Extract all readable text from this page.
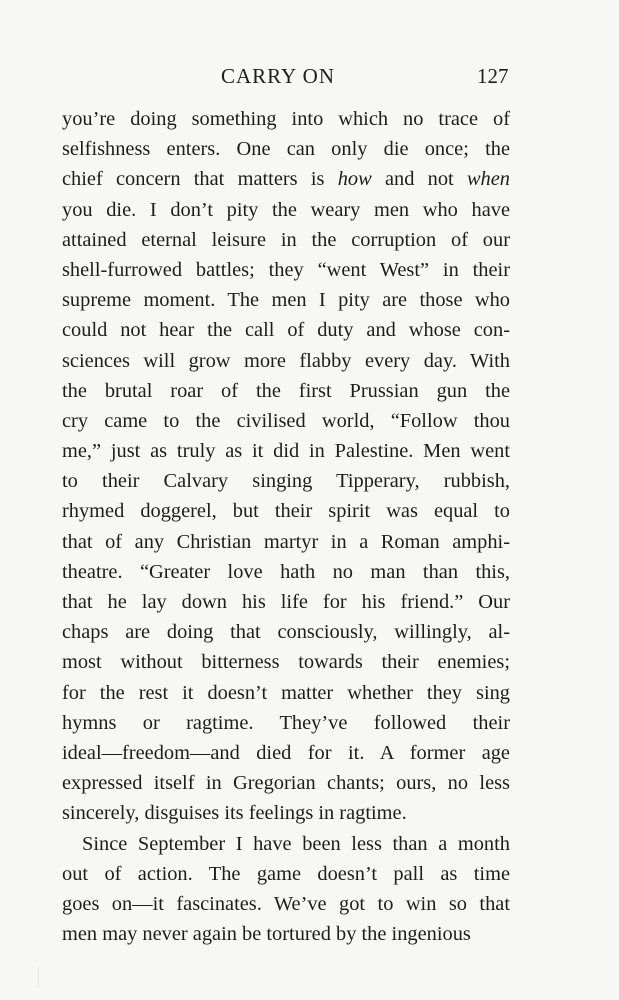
CARRY ON	127
you’re doing something into which no trace of
selfishness enters. One can only die once; the
chief concern that matters is how and not when
you die. I don’t pity the weary men who have
attained eternal leisure in the corruption of our
shell-furrowed battles; they “went West” in their
supreme moment. The men I pity are those who
could not hear the call of duty and whose con-
sciences will grow more flabby every day. With
the brutal roar of the first Prussian gun the
cry came to the civilised world, “Follow thou
me,” just as truly as it did in Palestine. Men went
to their Calvary singing Tipperary, rubbish,
rhymed doggerel, but their spirit was equal to
that of any Christian martyr in a Roman amphi-
theatre. “Greater love hath no man than this,
that he lay down his life for his friend.” Our
chaps are doing that consciously, willingly, al-
most without bitterness towards their enemies;
for the rest it doesn’t matter whether they sing
hymns or ragtime. They’ve followed their
ideal—freedom—and died for it. A former age
expressed itself in Gregorian chants; ours, no less
sincerely, disguises its feelings in ragtime.
Since September I have been less than a month
out of action. The game doesn’t pall as time
goes on—it fascinates. We’ve got to win so that
men may never again be tortured by the ingenious
